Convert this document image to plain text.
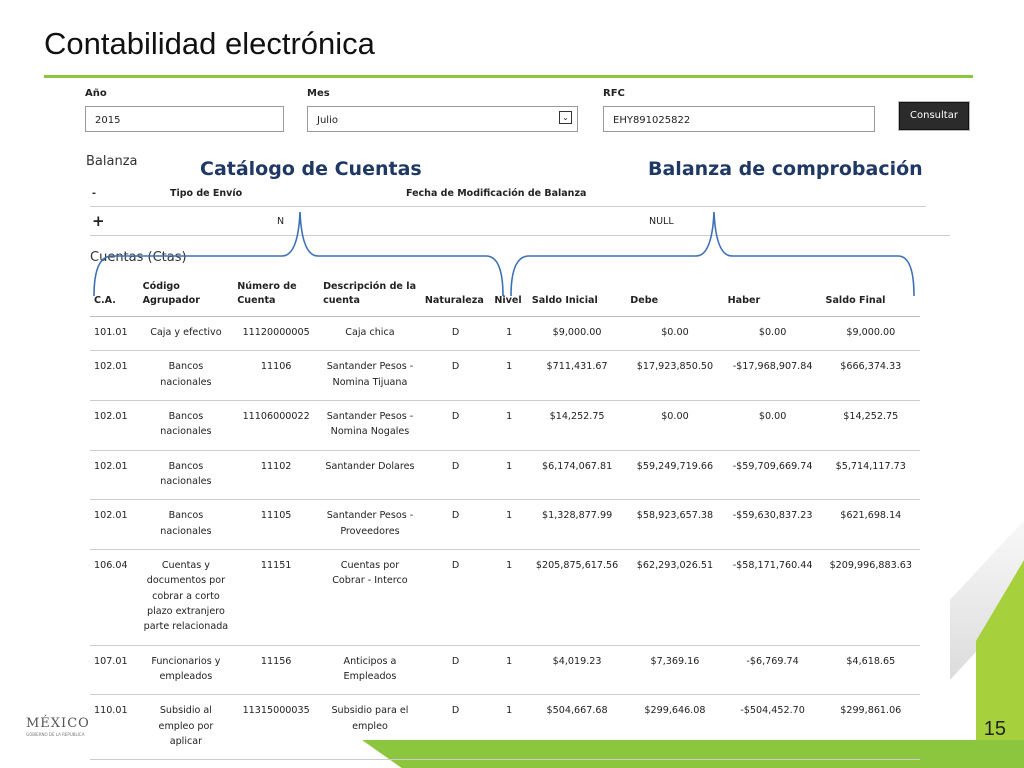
Contabilidad electrónica
Año
2015
Mes
Julio	⌄
RFC
EHY891025822	Consultar
Balanza	Catálogo de Cuentas	Balanza de comprobación
-	Tipo de Envío	Fecha de Modificación de Balanza
+	N	NULL
Cuentas (Ctas)
C.A.	Código Agrupador	Número de Cuenta	Descripción de la cuenta	Naturaleza	Nivel	Saldo Inicial	Debe	Haber	Saldo Final
101.01	Caja y efectivo	11120000005	Caja chica	D	1	$9,000.00	$0.00	$0.00	$9,000.00
102.01	Bancos nacionales	11106	Santander Pesos - Nomina Tijuana	D	1	$711,431.67	$17,923,850.50	-$17,968,907.84	$666,374.33
102.01	Bancos nacionales	11106000022	Santander Pesos - Nomina Nogales	D	1	$14,252.75	$0.00	$0.00	$14,252.75
102.01	Bancos nacionales	11102	Santander Dolares	D	1	$6,174,067.81	$59,249,719.66	-$59,709,669.74	$5,714,117.73
102.01	Bancos nacionales	11105	Santander Pesos - Proveedores	D	1	$1,328,877.99	$58,923,657.38	-$59,630,837.23	$621,698.14
106.04	Cuentas y documentos por cobrar a corto plazo extranjero parte relacionada	11151	Cuentas por Cobrar - Interco	D	1	$205,875,617.56	$62,293,026.51	-$58,171,760.44	$209,996,883.63
107.01	Funcionarios y empleados	11156	Anticipos a Empleados	D	1	$4,019.23	$7,369.16	-$6,769.74	$4,618.65
110.01	Subsidio al empleo por aplicar	11315000035	Subsidio para el empleo	D	1	$504,667.68	$299,646.08	-$504,452.70	$299,861.06
MÉXICO
GOBIERNO DE LA REPÚBLICA	15
